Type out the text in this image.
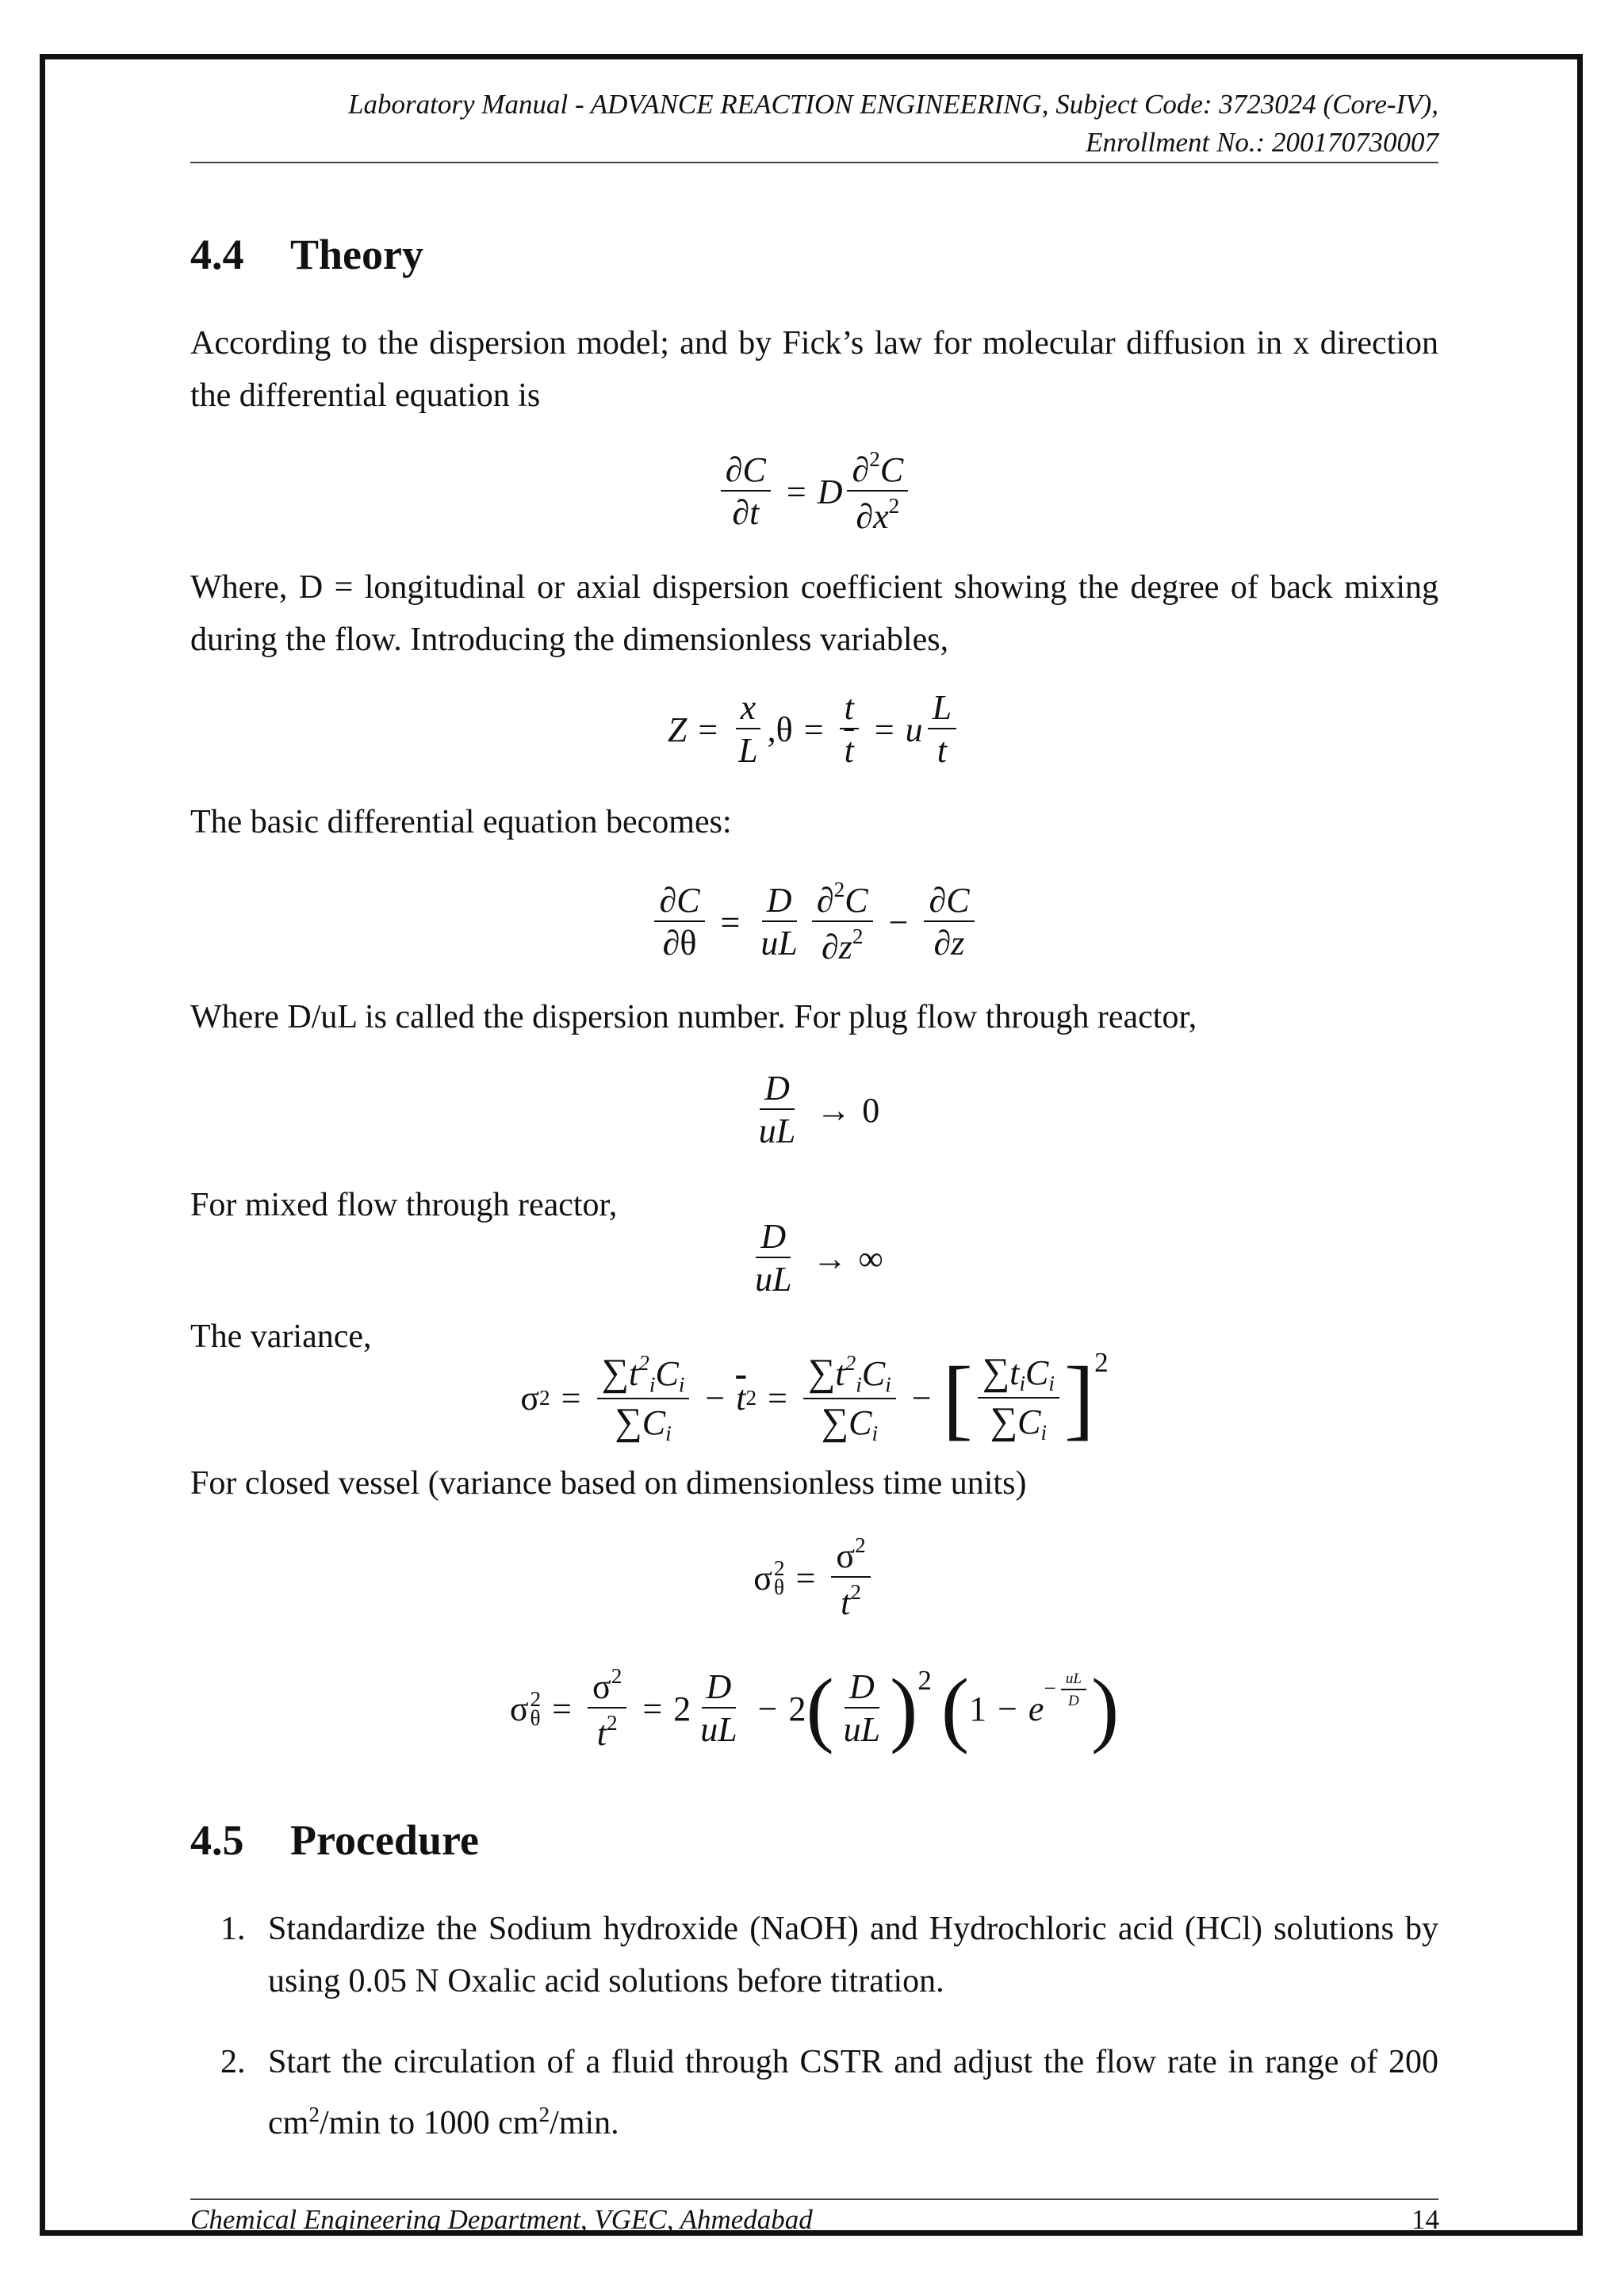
Laboratory Manual - ADVANCE REACTION ENGINEERING, Subject Code: 3723024 (Core-IV),
Enrollment No.: 200170730007
4.4 Theory

According to the dispersion model; and by Fick’s law for molecular diffusion in x direction the differential equation is

$\frac{\partial C}{\partial t} = D \frac{\partial^2C}{\partial x^2}$

Where, D = longitudinal or axial dispersion coefficient showing the degree of back mixing during the flow. Introducing the dimensionless variables,

$Z = \frac{x}{L} ,\theta = \frac{t}{t} = u \frac{L}{t}$

The basic differential equation becomes:

$\frac{\partial C}{\partial\theta} = \frac{D}{uL} \frac{\partial^2C}{\partial z^2} - \frac{\partial C}{\partial z}$

Where D/uL is called the dispersion number. For plug flow through reactor,

$\frac{D}{uL} \to 0$

For mixed flow through reactor,

$\frac{D}{uL}$ → ∞

The variance,

σ $2 = \frac{\sum t^2_iC_i}{\sum C_i} - \overline{t}$ $2 = \frac{\sum t^2_iC_i}{\sum C_i}$ − [ $\frac{\sum t_iC_i}{\sum C_i}$ ] 2

For closed vessel (variance based on dimensionless time units)

σ 2
$\theta = \frac{\sigma^2}{t^2}$
σ 2
$\theta = \frac{\sigma^2}{t^2} = 2 \frac{D}{uL} - 2$ ( $\frac{D}{uL}$ ) 2 ( 1 − e
− $\frac{uL}{D}$ )
4.5 Procedure
1. Standardize the Sodium hydroxide (NaOH) and Hydrochloric acid (HCl) solutions by using 0.05 N Oxalic acid solutions before titration.
2. Start the circulation of a fluid through CSTR and adjust the flow rate in range of 200 $cm^2/\min$ to 1000 $cm^2/\min$.
Chemical Engineering Department, VGEC, Ahmedabad	14
